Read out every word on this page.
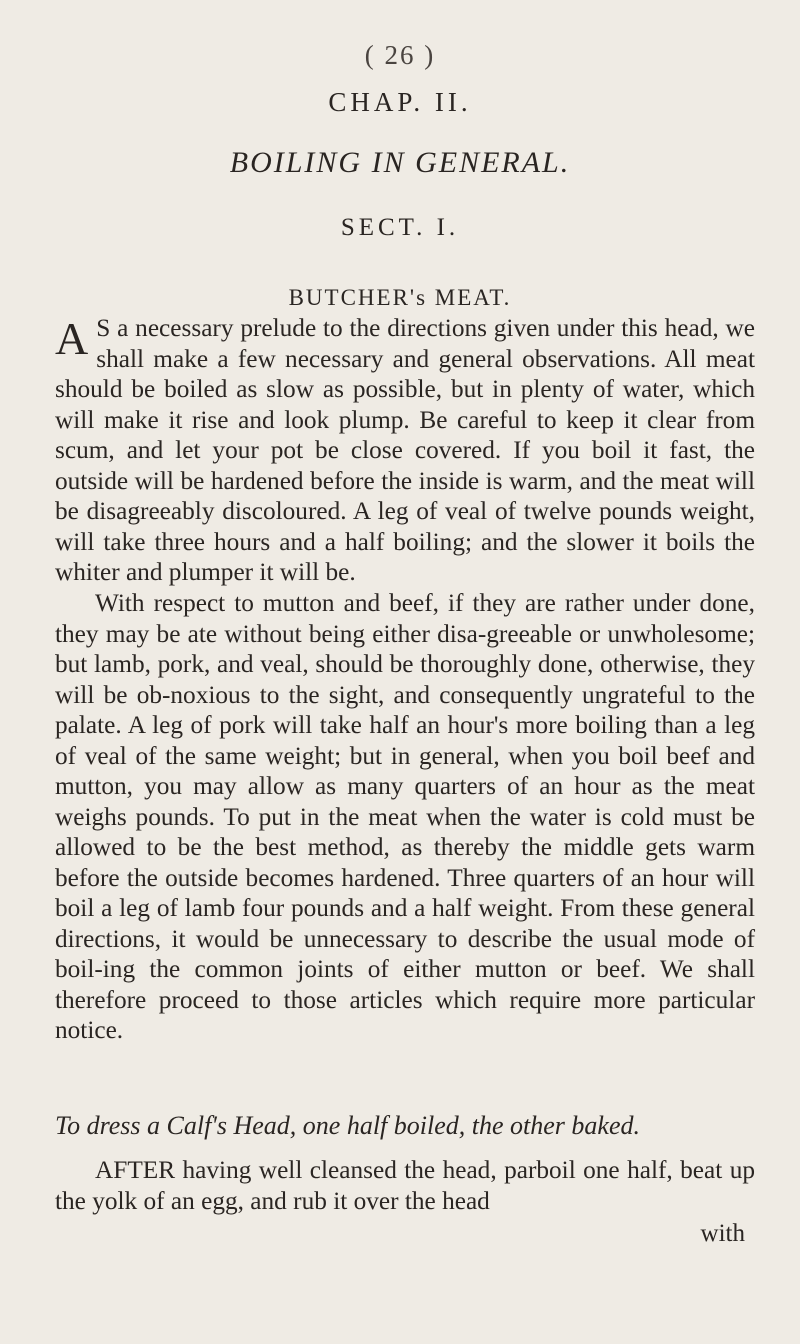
( 26 )
CHAP. II.
BOILING IN GENERAL.
SECT. I.
BUTCHER's MEAT.

A S a necessary prelude to the directions given under this head, we shall make a few necessary and general observations. All meat should be boiled as slow as possible, but in plenty of water, which will make it rise and look plump. Be careful to keep it clear from scum, and let your pot be close covered. If you boil it fast, the outside will be hardened before the inside is warm, and the meat will be disagreeably discoloured. A leg of veal of twelve pounds weight, will take three hours and a half boiling; and the slower it boils the whiter and plumper it will be.

With respect to mutton and beef, if they are rather under done, they may be ate without being either disa-greeable or unwholesome; but lamb, pork, and veal, should be thoroughly done, otherwise, they will be ob-noxious to the sight, and consequently ungrateful to the palate. A leg of pork will take half an hour's more boiling than a leg of veal of the same weight; but in general, when you boil beef and mutton, you may allow as many quarters of an hour as the meat weighs pounds. To put in the meat when the water is cold must be allowed to be the best method, as thereby the middle gets warm before the outside becomes hardened. Three quarters of an hour will boil a leg of lamb four pounds and a half weight. From these general directions, it would be unnecessary to describe the usual mode of boil-ing the common joints of either mutton or beef. We shall therefore proceed to those articles which require more particular notice.

To dress a Calf's Head, one half boiled, the other baked.

AFTER having well cleansed the head, parboil one half, beat up the yolk of an egg, and rub it over the head

with
